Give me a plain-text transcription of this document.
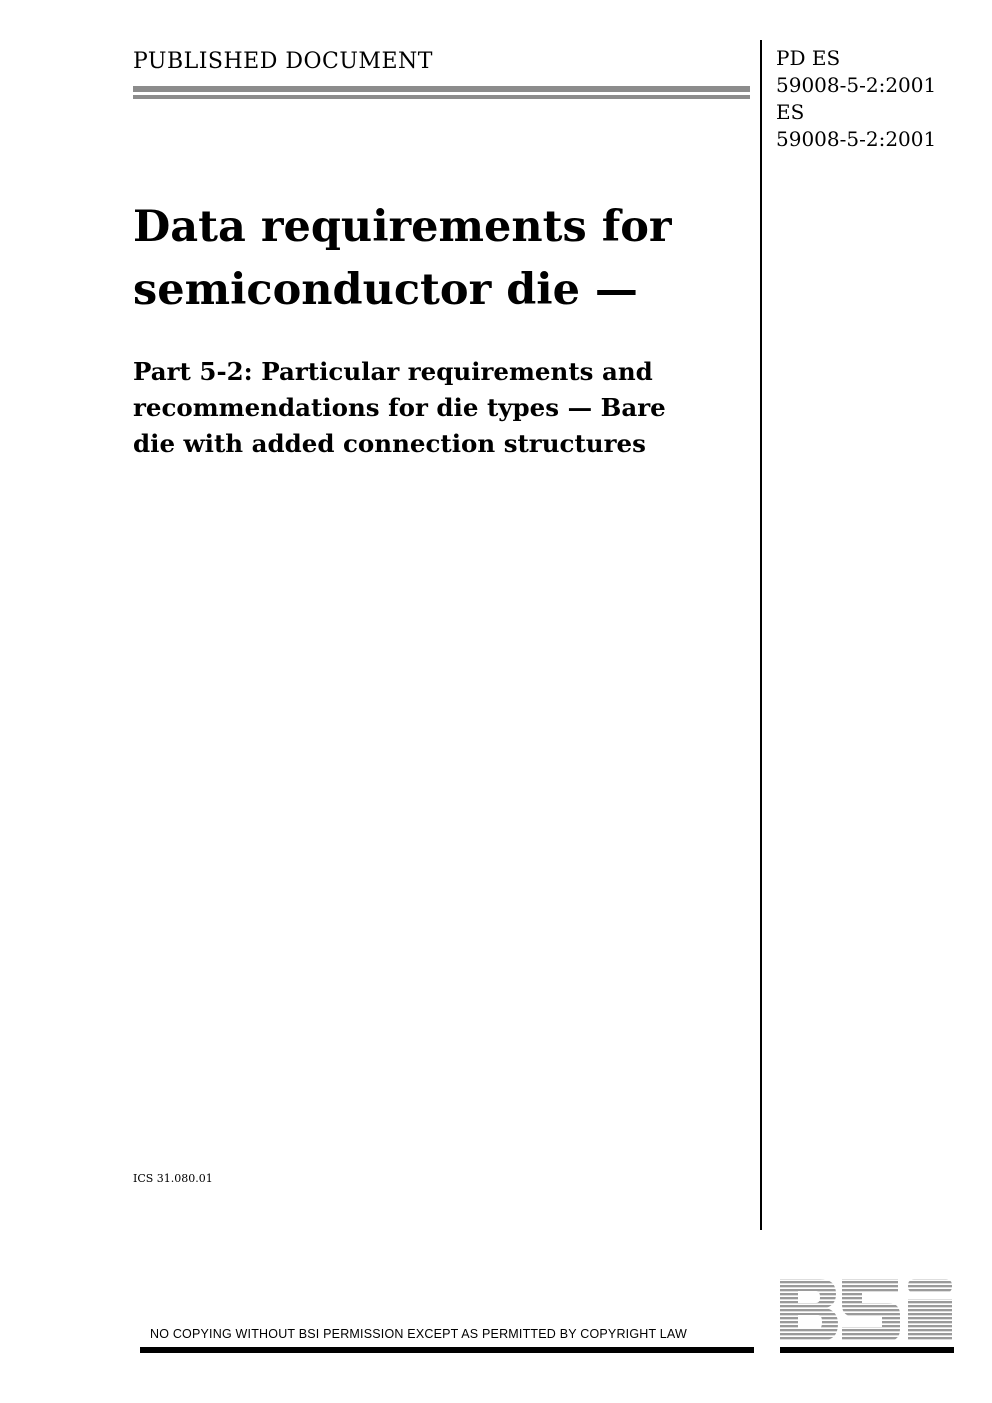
PUBLISHED DOCUMENT	PD ES
59008-5-2:2001
ES
59008-5-2:2001
Data requirements for
semiconductor die —
Part 5-2: Particular requirements and
recommendations for die types — Bare
die with added connection structures
ICS 31.080.01
NO COPYING WITHOUT BSI PERMISSION EXCEPT AS PERMITTED BY COPYRIGHT LAW
